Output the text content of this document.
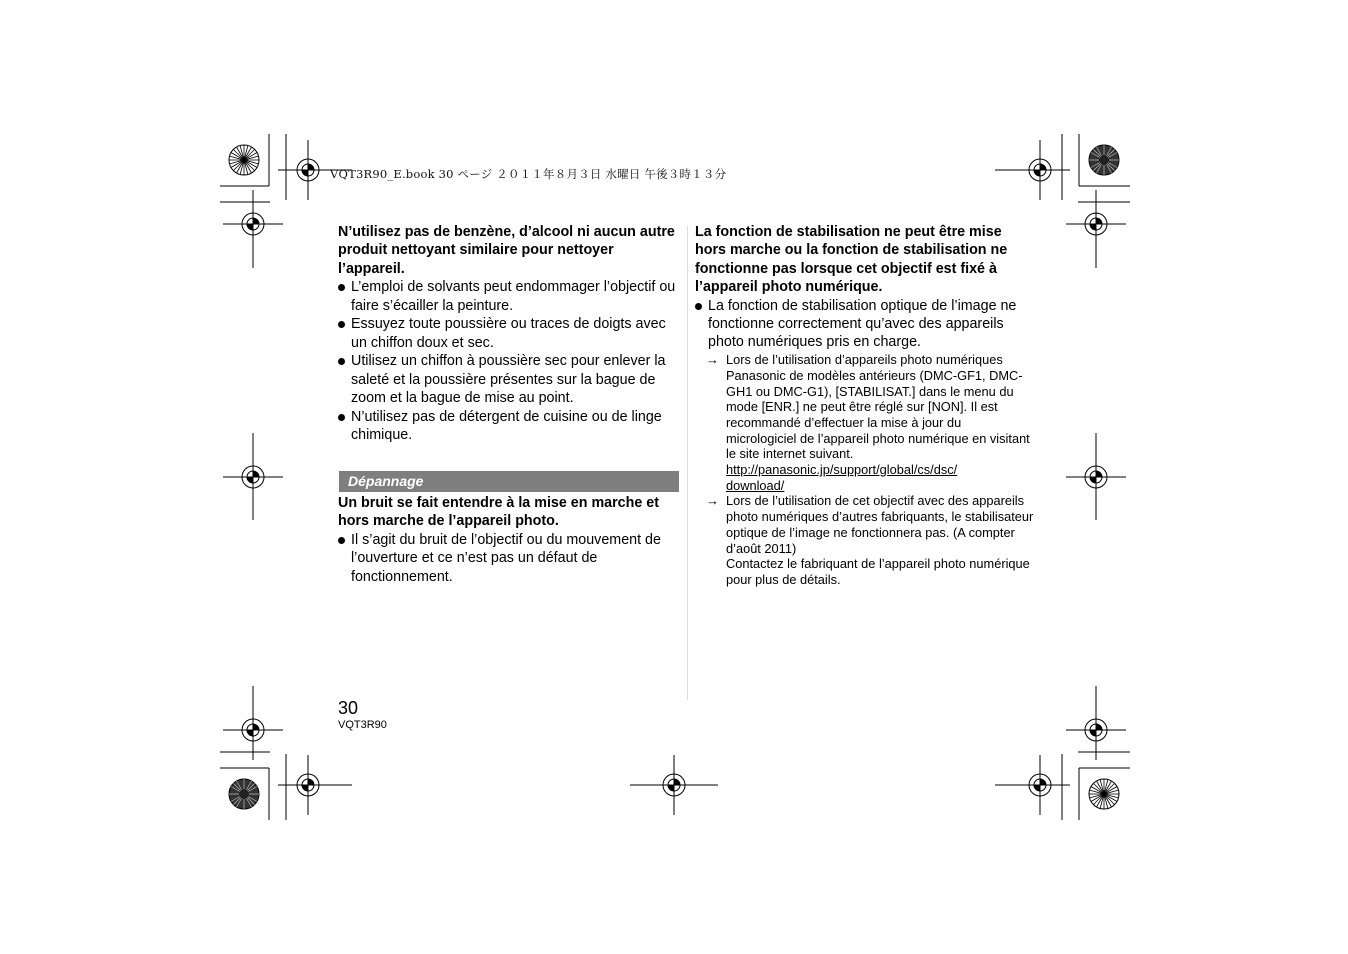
VQT3R90_E.book 30 ページ ２０１１年８月３日 水曜日 午後３時１３分

N’utilisez pas de benzène, d’alcool ni aucun autre produit nettoyant similaire pour nettoyer l’appareil.

L’emploi de solvants peut endommager l’objectif ou faire s’écailler la peinture.
Essuyez toute poussière ou traces de doigts avec un chiffon doux et sec.
Utilisez un chiffon à poussière sec pour enlever la saleté et la poussière présentes sur la bague de zoom et la bague de mise au point.
N’utilisez pas de détergent de cuisine ou de linge chimique.
Dépannage

Un bruit se fait entendre à la mise en marche et hors marche de l’appareil photo.

Il s’agit du bruit de l’objectif ou du mouvement de l’ouverture et ce n’est pas un défaut de fonctionnement.

La fonction de stabilisation ne peut être mise hors marche ou la fonction de stabilisation ne fonctionne pas lorsque cet objectif est fixé à l’appareil photo numérique.

La fonction de stabilisation optique de l’image ne fonctionne correctement qu’avec des appareils photo numériques pris en charge.
→ Lors de l’utilisation d’appareils photo numériques Panasonic de modèles antérieurs (DMC-GF1, DMC-GH1 ou DMC-G1), [STABILISAT.] dans le menu du mode [ENR.] ne peut être réglé sur [NON]. Il est recommandé d’effectuer la mise à jour du micrologiciel de l’appareil photo numérique en visitant le site internet suivant.
http://panasonic.jp/support/global/cs/dsc/
download/
→ Lors de l’utilisation de cet objectif avec des appareils photo numériques d’autres fabriquants, le stabilisateur optique de l’image ne fonctionnera pas. (A compter d’août 2011)
Contactez le fabriquant de l’appareil photo numérique pour plus de détails.
30
VQT3R90
